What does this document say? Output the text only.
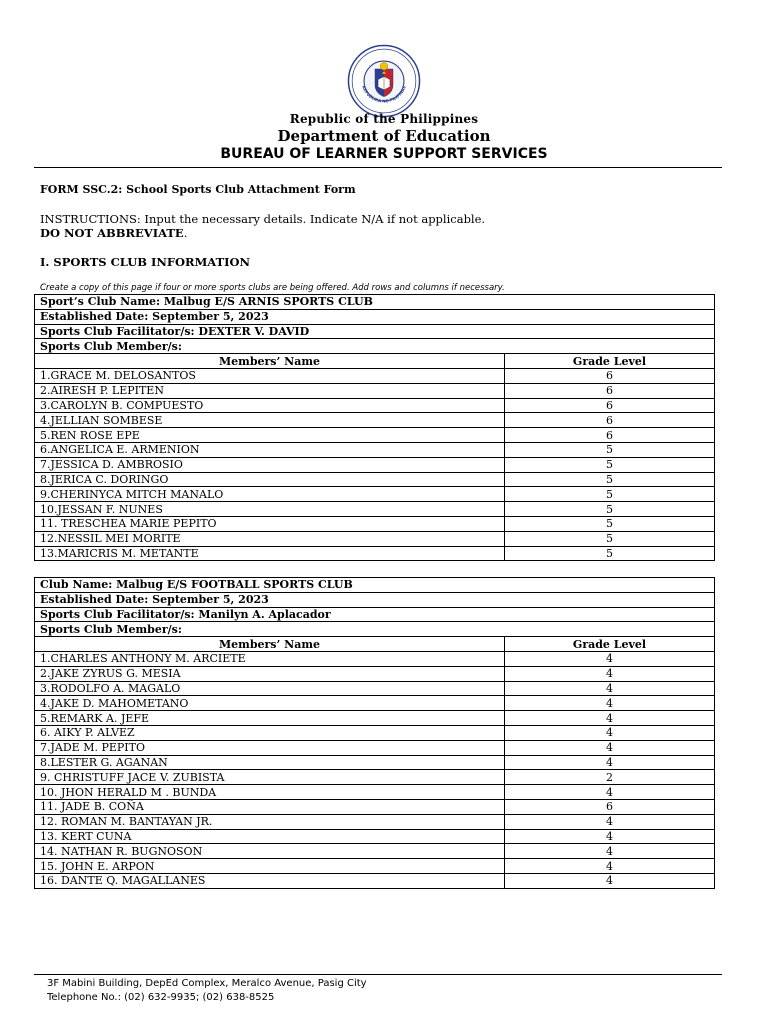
REPUBLIKA NG PILIPINAS
Republic of the Philippines
Department of Education
BUREAU OF LEARNER SUPPORT SERVICES
FORM SSC.2: School Sports Club Attachment Form
INSTRUCTIONS: Input the necessary details. Indicate N/A if not applicable.
DO NOT ABBREVIATE.
I. SPORTS CLUB INFORMATION
Create a copy of this page if four or more sports clubs are being offered. Add rows and columns if necessary.
Sport’s Club Name: Malbug E/S ARNIS SPORTS CLUB	
Established Date: September 5, 2023	
Sports Club Facilitator/s: DEXTER V. DAVID	
Sports Club Member/s:	
Members’ Name	Grade Level
1.GRACE M. DELOSANTOS	6
2.AIRESH P. LEPITEN	6
3.CAROLYN B. COMPUESTO	6
4.JELLIAN SOMBESE	6
5.REN ROSE EPE	6
6.ANGELICA E. ARMENION	5
7.JESSICA D. AMBROSIO	5
8.JERICA C. DORINGO	5
9.CHERINYCA MITCH MANALO	5
10.JESSAN F. NUNES	5
11. TRESCHEA MARIE PEPITO	5
12.NESSIL MEI MORITE	5
13.MARICRIS M. METANTE	5
Club Name: Malbug E/S FOOTBALL SPORTS CLUB	
Established Date: September 5, 2023	
Sports Club Facilitator/s: Manilyn A. Aplacador	
Sports Club Member/s:	
Members’ Name	Grade Level
1.CHARLES ANTHONY M. ARCIETE	4
2.JAKE ZYRUS G. MESIA	4
3.RODOLFO A. MAGALO	4
4.JAKE D. MAHOMETANO	4
5.REMARK A. JEFE	4
6. AIKY P. ALVEZ	4
7.JADE M. PEPITO	4
8.LESTER G. AGANAN	4
9. CHRISTUFF JACE V. ZUBISTA	2
10. JHON HERALD M . BUNDA	4
11. JADE B. COÑA	6
12. ROMAN M. BANTAYAN JR.	4
13. KERT CUNA	4
14. NATHAN R. BUGNOSON	4
15. JOHN E. ARPON	4
16. DANTE Q. MAGALLANES	4
3F Mabini Building, DepEd Complex, Meralco Avenue, Pasig City
Telephone No.: (02) 632-9935; (02) 638-8525
